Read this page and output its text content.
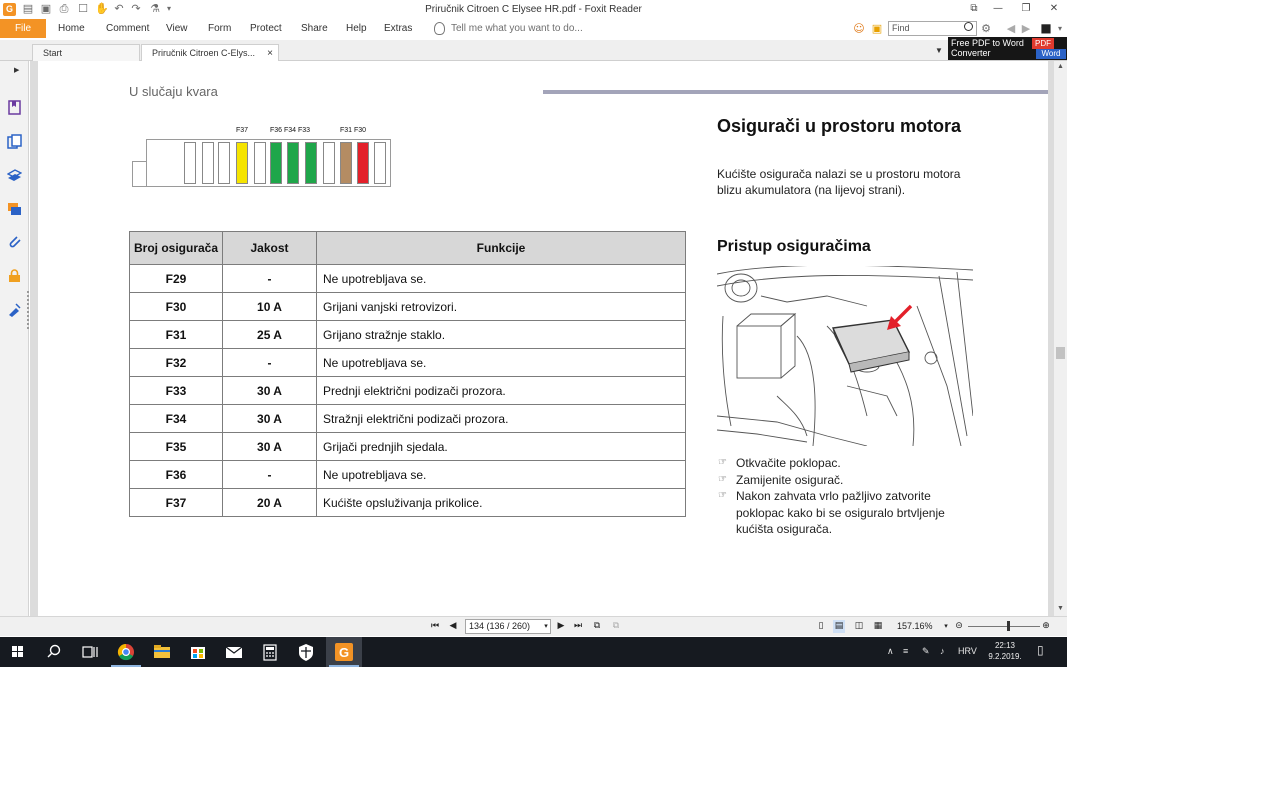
G ▤ ▣ ⎙ ☐ ✋ ↶ ↷ ⚗ ▾	Priručnik Citroen C Elysee HR.pdf - Foxit Reader	⧉	—	❐	✕
File	Home Comment View Form Protect Share Help Extras	Tell me what you want to do...	☺ ▣	Find	⚙ ◀ ▶ ■ ▾
Start	Priručnik Citroen C-Elys... ×	▼
Free PDF to Word
Converter
PDF
Word
▶
U slučaju kvara
F37	F36 F34 F33	F31 F30
Broj osigurača	Jakost	Funkcije
F29	-	Ne upotrebljava se.
F30	10 A	Grijani vanjski retrovizori.
F31	25 A	Grijano stražnje staklo.
F32	-	Ne upotrebljava se.
F33	30 A	Prednji električni podizači prozora.
F34	30 A	Stražnji električni podizači prozora.
F35	30 A	Grijači prednjih sjedala.
F36	-	Ne upotrebljava se.
F37	20 A	Kućište opsluživanja prikolice.
Osigurači u prostoru motora
Kućište osigurača nalazi se u prostoru motora blizu akumulatora (na lijevoj strani).
Pristup osiguračima
☞ Otkvačite poklopac.
☞ Zamijenite osigurač.
☞ Nakon zahvata vrlo pažljivo zatvorite poklopac kako bi se osiguralo brtvljenje kućišta osigurača.
▲
▼
⏮ ◀	134 (136 / 260)	▾	▶ ⏭	⧉	⧉	▯	▤ ◫ ▦ 157.16%	▾ ⊝	⊕
G	∧ ≡ ✎ ♪ HRV
22:13
9.2.2019. ▯
